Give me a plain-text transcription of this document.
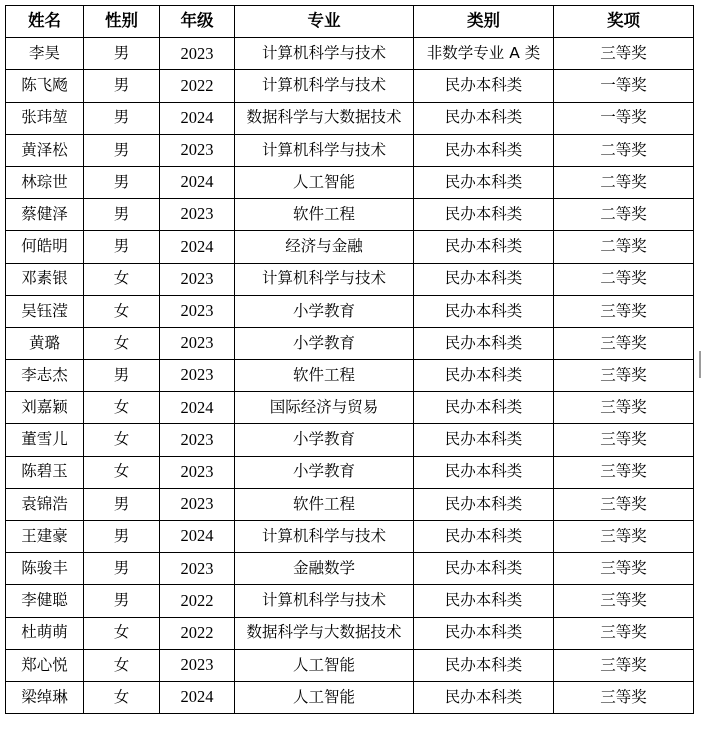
姓名	性别	年级	专业	类别	奖项
李昊	男	2023	计算机科学与技术	非数学专业 A 类	三等奖
陈飞飏	男	2022	计算机科学与技术	民办本科类	一等奖
张玮堃	男	2024	数据科学与大数据技术	民办本科类	一等奖
黄泽松	男	2023	计算机科学与技术	民办本科类	二等奖
林琮世	男	2024	人工智能	民办本科类	二等奖
蔡健泽	男	2023	软件工程	民办本科类	二等奖
何皓明	男	2024	经济与金融	民办本科类	二等奖
邓素银	女	2023	计算机科学与技术	民办本科类	二等奖
吴钰滢	女	2023	小学教育	民办本科类	三等奖
黄璐	女	2023	小学教育	民办本科类	三等奖
李志杰	男	2023	软件工程	民办本科类	三等奖
刘嘉颖	女	2024	国际经济与贸易	民办本科类	三等奖
董雪儿	女	2023	小学教育	民办本科类	三等奖
陈碧玉	女	2023	小学教育	民办本科类	三等奖
袁锦浩	男	2023	软件工程	民办本科类	三等奖
王建豪	男	2024	计算机科学与技术	民办本科类	三等奖
陈骏丰	男	2023	金融数学	民办本科类	三等奖
李健聪	男	2022	计算机科学与技术	民办本科类	三等奖
杜萌萌	女	2022	数据科学与大数据技术	民办本科类	三等奖
郑心悦	女	2023	人工智能	民办本科类	三等奖
梁绰琳	女	2024	人工智能	民办本科类	三等奖
